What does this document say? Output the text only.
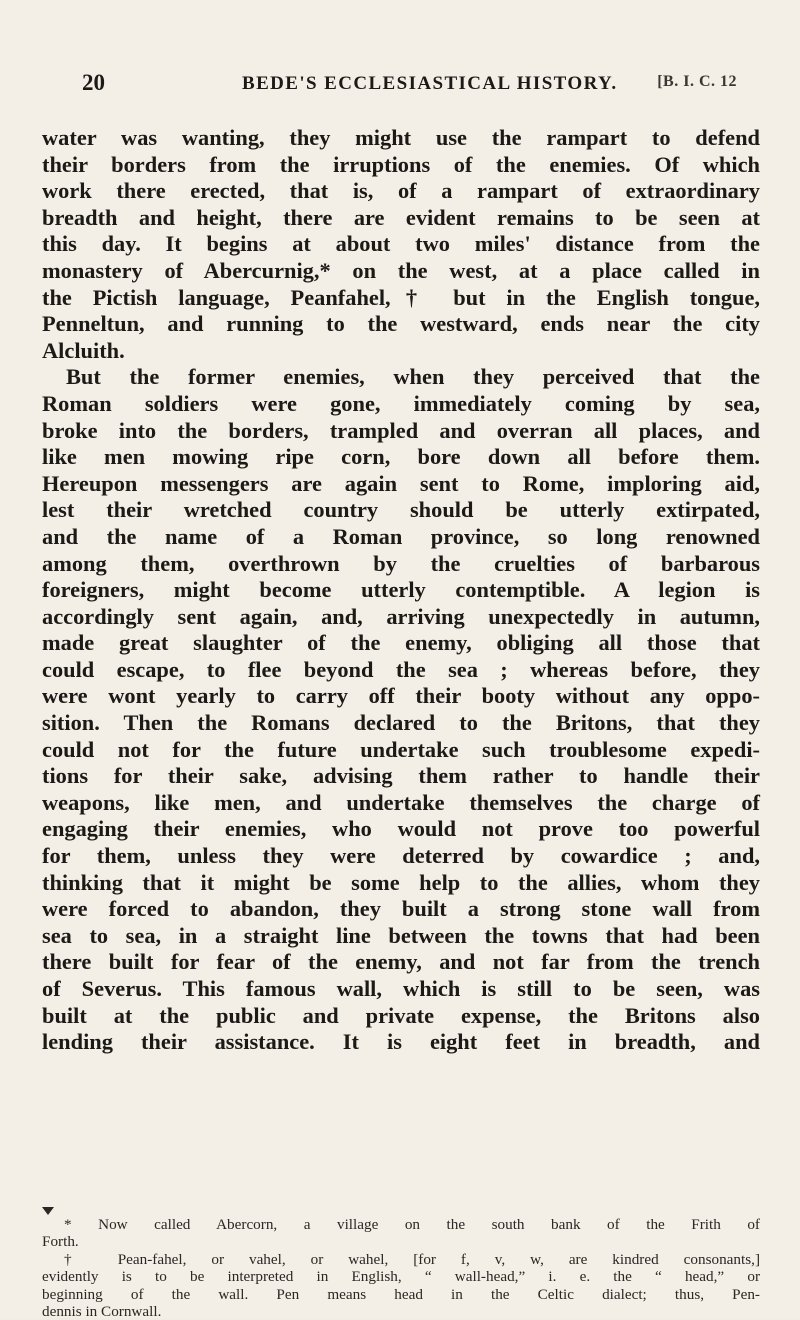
20	BEDE'S ECCLESIASTICAL HISTORY. [B. I. C. 12
water was wanting, they might use the rampart to defend
their borders from the irruptions of the enemies. Of which
work there erected, that is, of a rampart of extraordinary
breadth and height, there are evident remains to be seen at
this day. It begins at about two miles' distance from the
monastery of Abercurnig,* on the west, at a place called in
the Pictish language, Peanfahel,† but in the English tongue,
Penneltun, and running to the westward, ends near the city
Alcluith.
But the former enemies, when they perceived that the
Roman soldiers were gone, immediately coming by sea,
broke into the borders, trampled and overran all places, and
like men mowing ripe corn, bore down all before them.
Hereupon messengers are again sent to Rome, imploring aid,
lest their wretched country should be utterly extirpated,
and the name of a Roman province, so long renowned
among them, overthrown by the cruelties of barbarous
foreigners, might become utterly contemptible. A legion is
accordingly sent again, and, arriving unexpectedly in autumn,
made great slaughter of the enemy, obliging all those that
could escape, to flee beyond the sea ; whereas before, they
were wont yearly to carry off their booty without any oppo-
sition. Then the Romans declared to the Britons, that they
could not for the future undertake such troublesome expedi-
tions for their sake, advising them rather to handle their
weapons, like men, and undertake themselves the charge of
engaging their enemies, who would not prove too powerful
for them, unless they were deterred by cowardice ; and,
thinking that it might be some help to the allies, whom they
were forced to abandon, they built a strong stone wall from
sea to sea, in a straight line between the towns that had been
there built for fear of the enemy, and not far from the trench
of Severus. This famous wall, which is still to be seen, was
built at the public and private expense, the Britons also
lending their assistance. It is eight feet in breadth, and
* Now called Abercorn, a village on the south bank of the Frith of
Forth.
† Pean-fahel, or vahel, or wahel, [for f, v, w, are kindred consonants,]
evidently is to be interpreted in English, “ wall-head,” i. e. the “ head,” or
beginning of the wall. Pen means head in the Celtic dialect; thus, Pen-
dennis in Cornwall.
